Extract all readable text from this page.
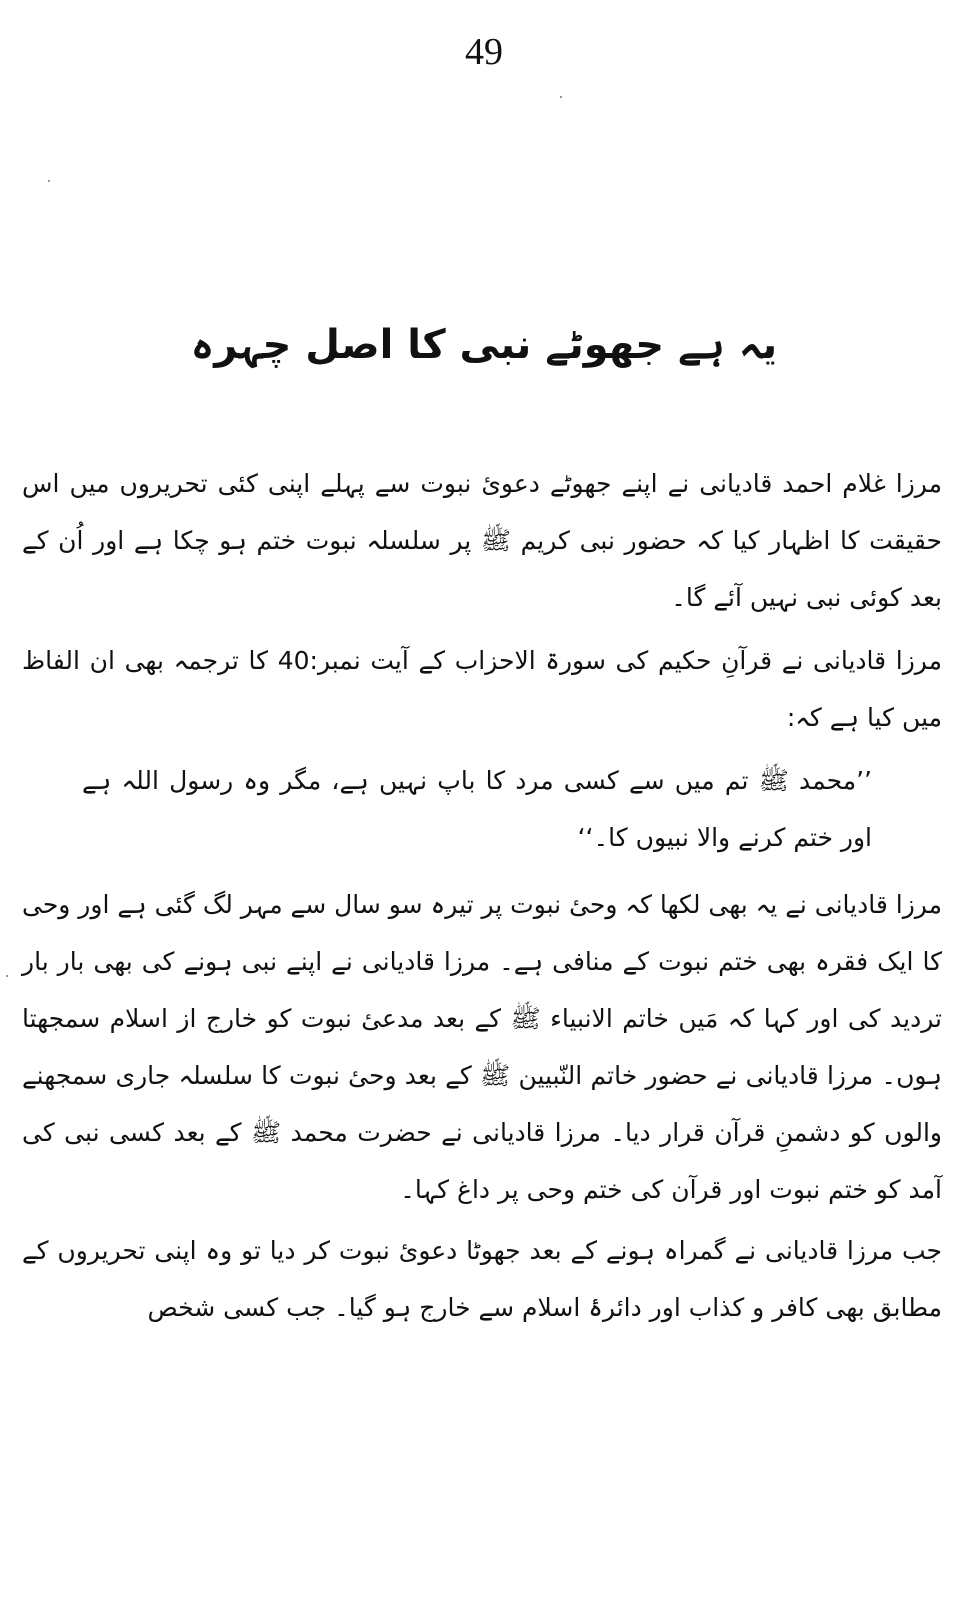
49
یہ ہے جھوٹے نبی کا اصل چہرہ

مرزا غلام احمد قادیانی نے اپنے جھوٹے دعویٔ نبوت سے پہلے اپنی کئی تحریروں میں اس حقیقت کا اظہار کیا کہ حضور نبی کریم ﷺ پر سلسلہ نبوت ختم ہو چکا ہے اور اُن کے بعد کوئی نبی نہیں آئے گا۔

مرزا قادیانی نے قرآنِ حکیم کی سورۃ الاحزاب کے آیت نمبر:40 کا ترجمہ بھی ان الفاظ میں کیا ہے کہ:

’’محمد ﷺ تم میں سے کسی مرد کا باپ نہیں ہے، مگر وہ رسول اللہ ہے اور ختم کرنے والا نبیوں کا۔‘‘

مرزا قادیانی نے یہ بھی لکھا کہ وحیٔ نبوت پر تیرہ سو سال سے مہر لگ گئی ہے اور وحی کا ایک فقرہ بھی ختم نبوت کے منافی ہے۔ مرزا قادیانی نے اپنے نبی ہونے کی بھی بار بار تردید کی اور کہا کہ مَیں خاتم الانبیاء ﷺ کے بعد مدعیٔ نبوت کو خارج از اسلام سمجھتا ہوں۔ مرزا قادیانی نے حضور خاتم النّبیین ﷺ کے بعد وحیٔ نبوت کا سلسلہ جاری سمجھنے والوں کو دشمنِ قرآن قرار دیا۔ مرزا قادیانی نے حضرت محمد ﷺ کے بعد کسی نبی کی آمد کو ختم نبوت اور قرآن کی ختم وحی پر داغ کہا۔

جب مرزا قادیانی نے گمراہ ہونے کے بعد جھوٹا دعویٔ نبوت کر دیا تو وہ اپنی تحریروں کے مطابق بھی کافر و کذاب اور دائرۂ اسلام سے خارج ہو گیا۔ جب کسی شخص
